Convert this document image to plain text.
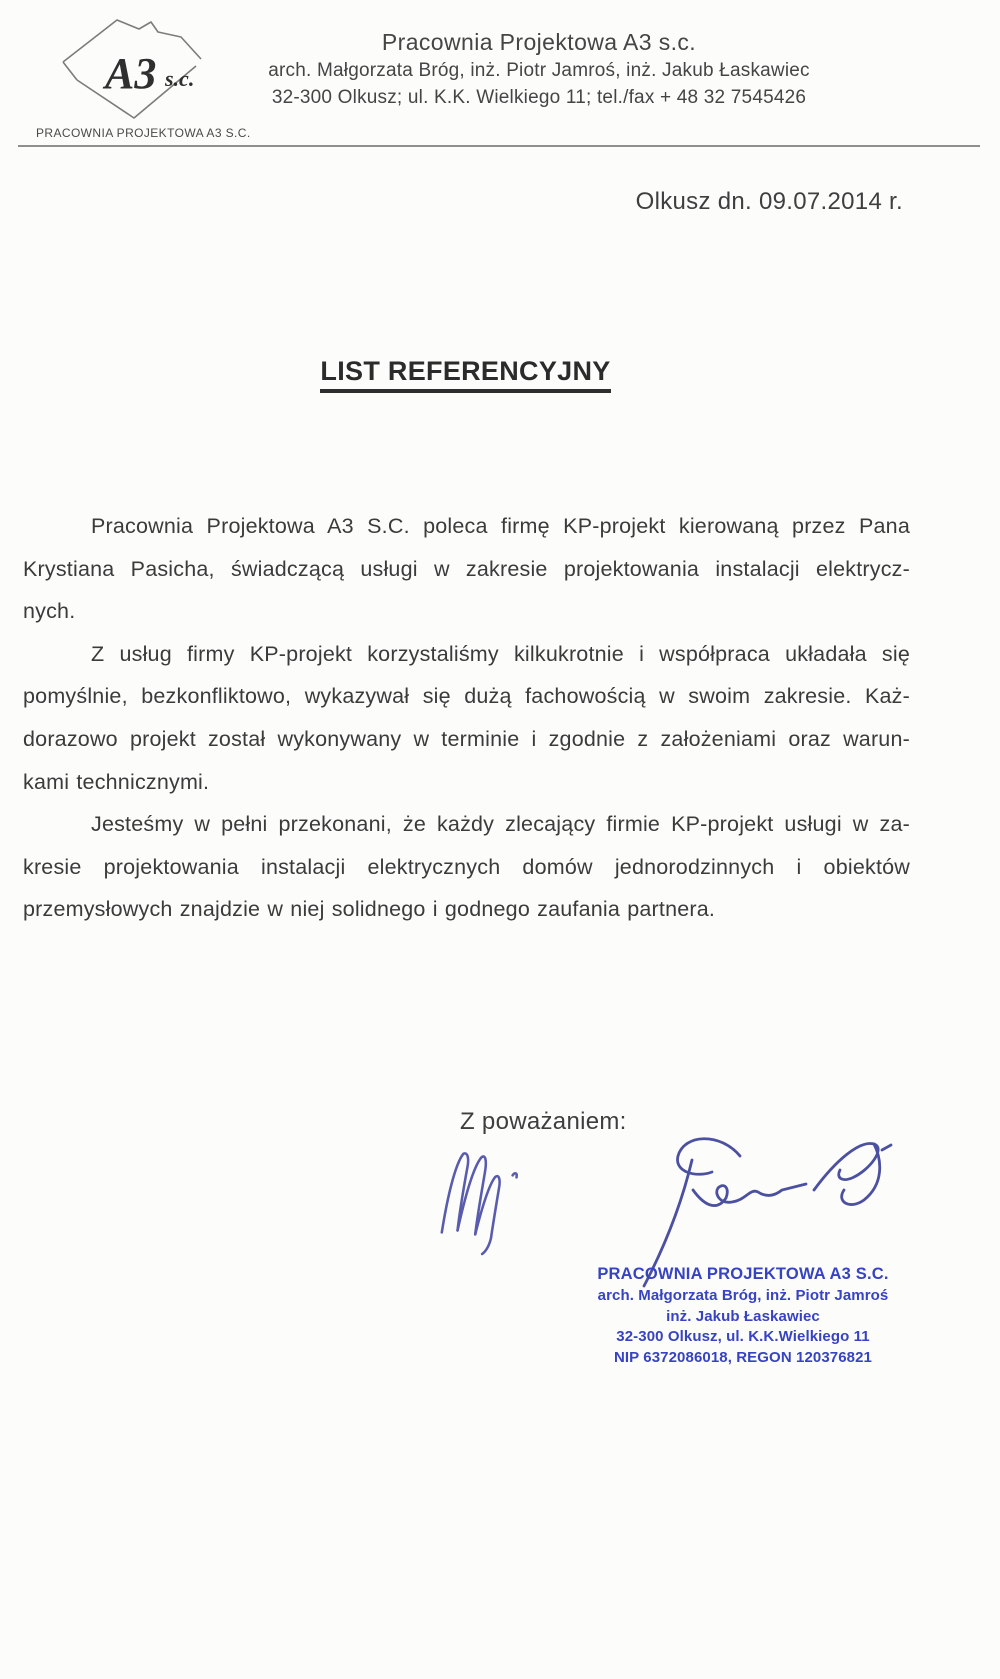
A3 s.c.
PRACOWNIA PROJEKTOWA A3 S.C.
Pracownia Projektowa A3 s.c.
arch. Małgorzata Bróg, inż. Piotr Jamroś, inż. Jakub Łaskawiec
32-300 Olkusz; ul. K.K. Wielkiego 11; tel./fax + 48 32 7545426
Olkusz dn. 09.07.2014 r.
LIST REFERENCYJNY
Pracownia Projektowa A3 S.C. poleca firmę KP-projekt kierowaną przez Pana
Krystiana Pasicha, świadczącą usługi w zakresie projektowania instalacji elektrycz-
nych.
Z usług firmy KP-projekt korzystaliśmy kilkukrotnie i współpraca układała się
pomyślnie, bezkonfliktowo, wykazywał się dużą fachowością w swoim zakresie. Każ-
dorazowo projekt został wykonywany w terminie i zgodnie z założeniami oraz warun-
kami technicznymi.
Jesteśmy w pełni przekonani, że każdy zlecający firmie KP-projekt usługi w za-
kresie projektowania instalacji elektrycznych domów jednorodzinnych i obiektów
przemysłowych znajdzie w niej solidnego i godnego zaufania partnera.
Z poważaniem:
PRACOWNIA PROJEKTOWA A3 S.C.
arch. Małgorzata Bróg, inż. Piotr Jamroś
inż. Jakub Łaskawiec
32-300 Olkusz, ul. K.K.Wielkiego 11
NIP 6372086018, REGON 120376821
